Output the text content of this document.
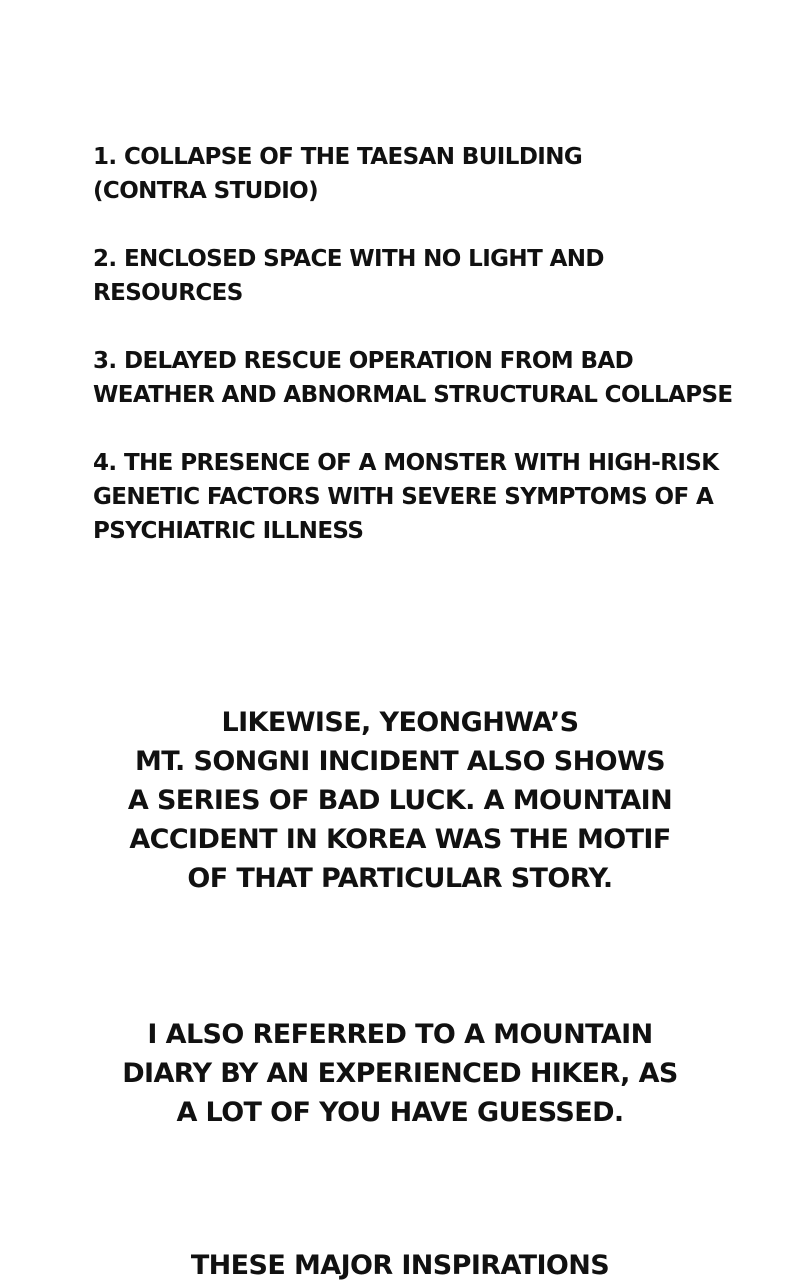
1. COLLAPSE OF THE TAESAN BUILDING
(CONTRA STUDIO)
2. ENCLOSED SPACE WITH NO LIGHT AND
RESOURCES
3. DELAYED RESCUE OPERATION FROM BAD
WEATHER AND ABNORMAL STRUCTURAL COLLAPSE
4. THE PRESENCE OF A MONSTER WITH HIGH-RISK
GENETIC FACTORS WITH SEVERE SYMPTOMS OF A
PSYCHIATRIC ILLNESS
LIKEWISE, YEONGHWA’S
MT. SONGNI INCIDENT ALSO SHOWS
A SERIES OF BAD LUCK. A MOUNTAIN
ACCIDENT IN KOREA WAS THE MOTIF
OF THAT PARTICULAR STORY.
I ALSO REFERRED TO A MOUNTAIN
DIARY BY AN EXPERIENCED HIKER, AS
A LOT OF YOU HAVE GUESSED.
THESE MAJOR INSPIRATIONS
